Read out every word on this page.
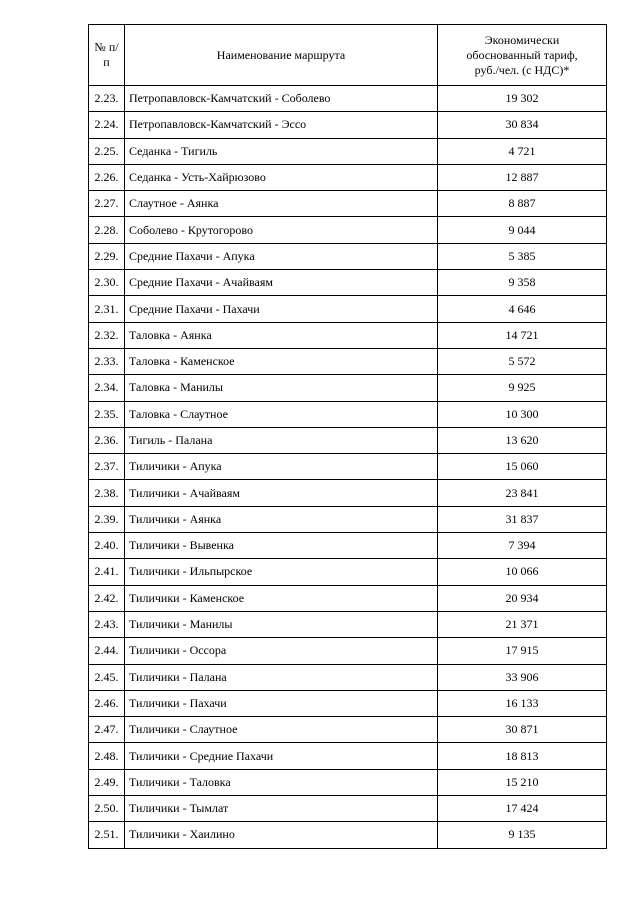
№ п/п	Наименование маршрута	Экономически
обоснованный тариф,
руб./чел. (с НДС)*

2.23.	Петропавловск-Камчатский - Соболево	19 302
2.24.	Петропавловск-Камчатский - Эссо	30 834
2.25.	Седанка - Тигиль	4 721
2.26.	Седанка - Усть-Хайрюзово	12 887
2.27.	Слаутное - Аянка	8 887
2.28.	Соболево - Крутогорово	9 044
2.29.	Средние Пахачи - Апука	5 385
2.30.	Средние Пахачи - Ачайваям	9 358
2.31.	Средние Пахачи - Пахачи	4 646
2.32.	Таловка - Аянка	14 721
2.33.	Таловка - Каменское	5 572
2.34.	Таловка - Манилы	9 925
2.35.	Таловка - Слаутное	10 300
2.36.	Тигиль - Палана	13 620
2.37.	Тиличики - Апука	15 060
2.38.	Тиличики - Ачайваям	23 841
2.39.	Тиличики - Аянка	31 837
2.40.	Тиличики - Вывенка	7 394
2.41.	Тиличики - Ильпырское	10 066
2.42.	Тиличики - Каменское	20 934
2.43.	Тиличики - Манилы	21 371
2.44.	Тиличики - Оссора	17 915
2.45.	Тиличики - Палана	33 906
2.46.	Тиличики - Пахачи	16 133
2.47.	Тиличики - Слаутное	30 871
2.48.	Тиличики - Средние Пахачи	18 813
2.49.	Тиличики - Таловка	15 210
2.50.	Тиличики - Тымлат	17 424
2.51.	Тиличики - Хаилино	9 135
